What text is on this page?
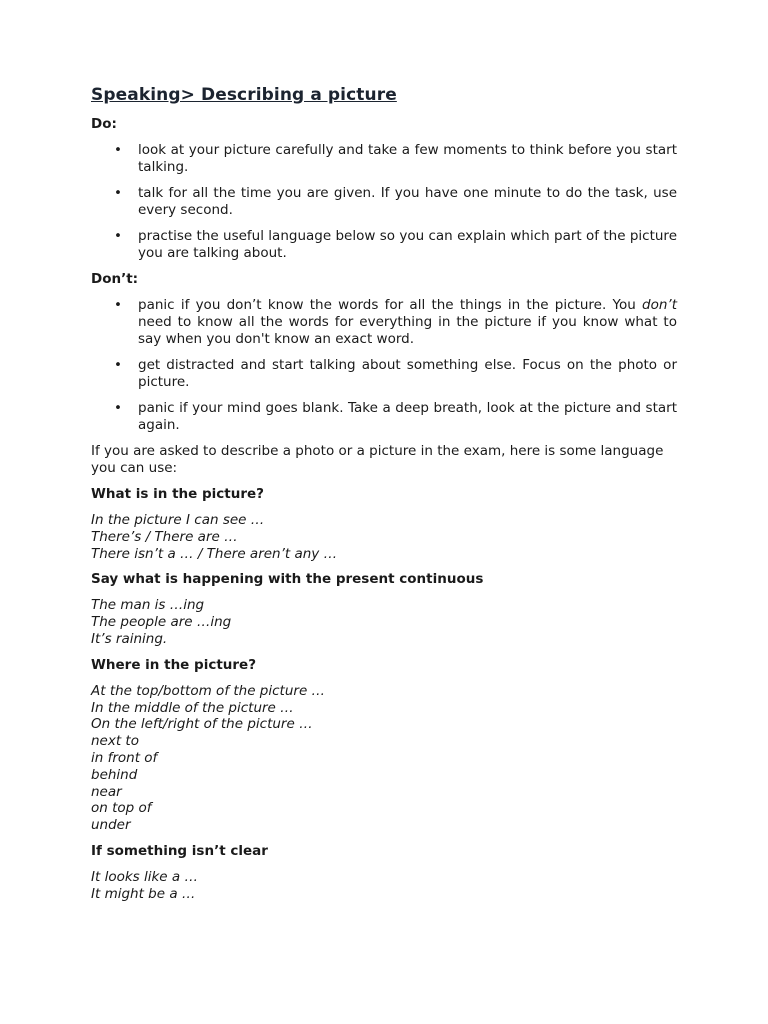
Speaking> Describing a picture
Do:
• look at your picture carefully and take a few moments to think before you start talking.
• talk for all the time you are given. If you have one minute to do the task, use every second.
• practise the useful language below so you can explain which part of the picture you are talking about.
Don’t:
• panic if you don’t know the words for all the things in the picture. You don’t need to know all the words for everything in the picture if you know what to say when you don't know an exact word.
• get distracted and start talking about something else. Focus on the photo or picture.
• panic if your mind goes blank. Take a deep breath, look at the picture and start again.
If you are asked to describe a photo or a picture in the exam, here is some language you can use:
What is in the picture?
In the picture I can see …
There’s / There are …
There isn’t a … / There aren’t any …
Say what is happening with the present continuous
The man is …ing
The people are …ing
It’s raining.
Where in the picture?
At the top/bottom of the picture …
In the middle of the picture …
On the left/right of the picture …
next to
in front of
behind
near
on top of
under
If something isn’t clear
It looks like a …
It might be a …
